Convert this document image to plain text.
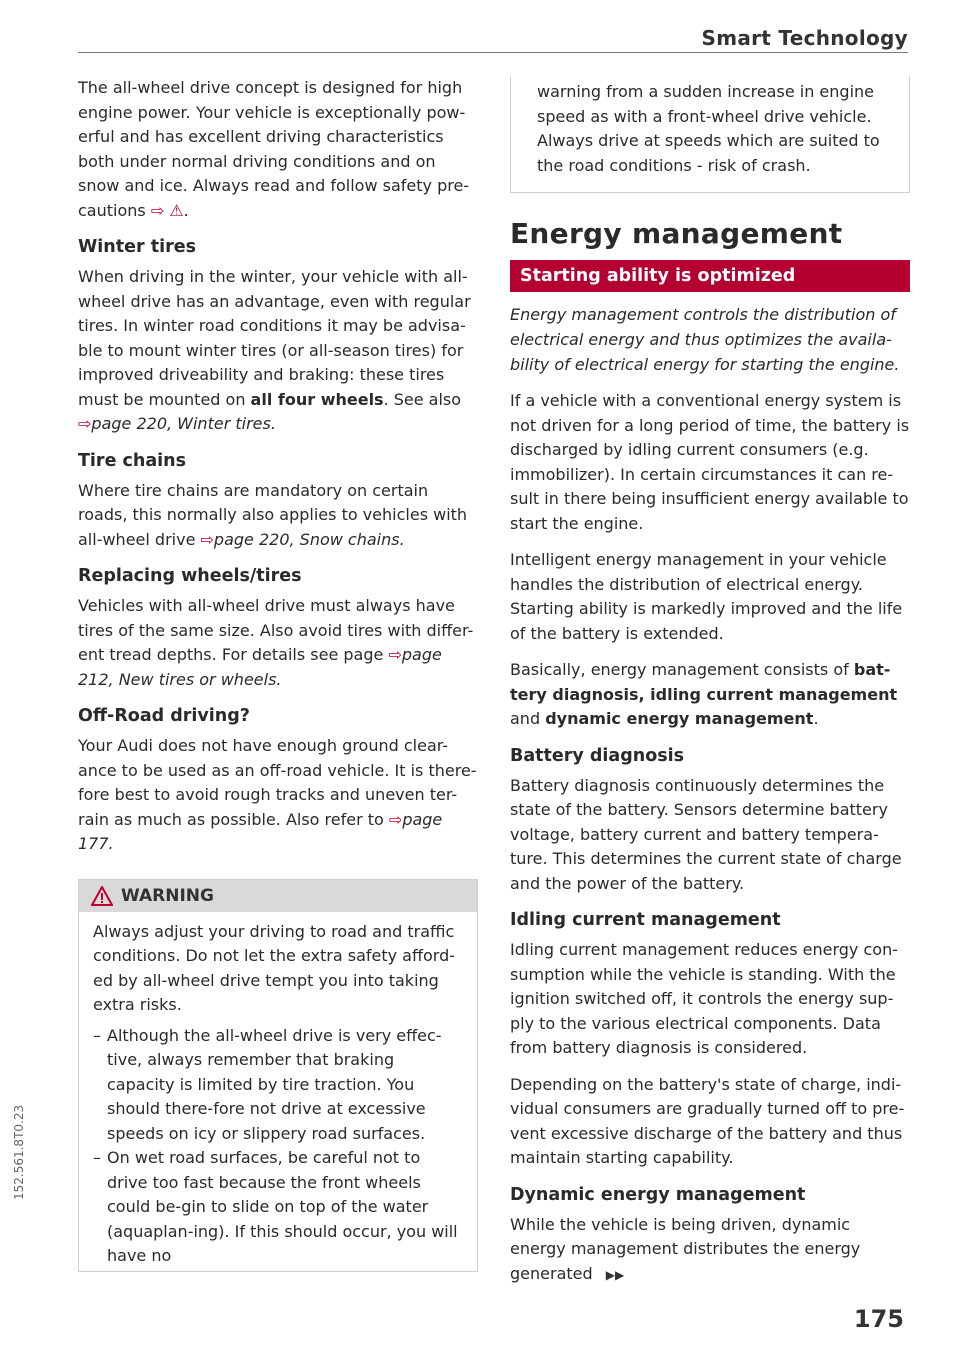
Smart Technology

The all-wheel drive concept is designed for high engine power. Your vehicle is exceptionally pow-erful and has excellent driving characteristics both under normal driving conditions and on snow and ice. Always read and follow safety pre-cautions ⇨ ⚠.

Winter tires

When driving in the winter, your vehicle with all-wheel drive has an advantage, even with regular tires. In winter road conditions it may be advisa-ble to mount winter tires (or all-season tires) for improved driveability and braking: these tires must be mounted on all four wheels. See also ⇨page 220, Winter tires.

Tire chains

Where tire chains are mandatory on certain roads, this normally also applies to vehicles with all-wheel drive ⇨page 220, Snow chains.

Replacing wheels/tires

Vehicles with all-wheel drive must always have tires of the same size. Also avoid tires with differ-ent tread depths. For details see page ⇨page 212, New tires or wheels.

Off-Road driving?

Your Audi does not have enough ground clear-ance to be used as an off-road vehicle. It is there-fore best to avoid rough tracks and uneven ter-rain as much as possible. Also refer to ⇨page 177.

WARNING

Always adjust your driving to road and traffic conditions. Do not let the extra safety afford-ed by all-wheel drive tempt you into taking extra risks.

– Although the all-wheel drive is very effec-tive, always remember that braking capacity is limited by tire traction. You should there-fore not drive at excessive speeds on icy or slippery road surfaces.
– On wet road surfaces, be careful not to drive too fast because the front wheels could be-gin to slide on top of the water (aquaplan-ing). If this should occur, you will have no

warning from a sudden increase in engine speed as with a front-wheel drive vehicle. Always drive at speeds which are suited to the road conditions - risk of crash.

Energy management
Starting ability is optimized

Energy management controls the distribution of electrical energy and thus optimizes the availa-bility of electrical energy for starting the engine.

If a vehicle with a conventional energy system is not driven for a long period of time, the battery is discharged by idling current consumers (e.g. immobilizer). In certain circumstances it can re-sult in there being insufficient energy available to start the engine.

Intelligent energy management in your vehicle handles the distribution of electrical energy. Starting ability is markedly improved and the life of the battery is extended.

Basically, energy management consists of bat-tery diagnosis, idling current management and dynamic energy management.

Battery diagnosis

Battery diagnosis continuously determines the state of the battery. Sensors determine battery voltage, battery current and battery tempera-ture. This determines the current state of charge and the power of the battery.

Idling current management

Idling current management reduces energy con-sumption while the vehicle is standing. With the ignition switched off, it controls the energy sup-ply to the various electrical components. Data from battery diagnosis is considered.

Depending on the battery's state of charge, indi-vidual consumers are gradually turned off to pre-vent excessive discharge of the battery and thus maintain starting capability.

Dynamic energy management

While the vehicle is being driven, dynamic energy management distributes the energy generated ▶▶

175
152.561.8T0.23
